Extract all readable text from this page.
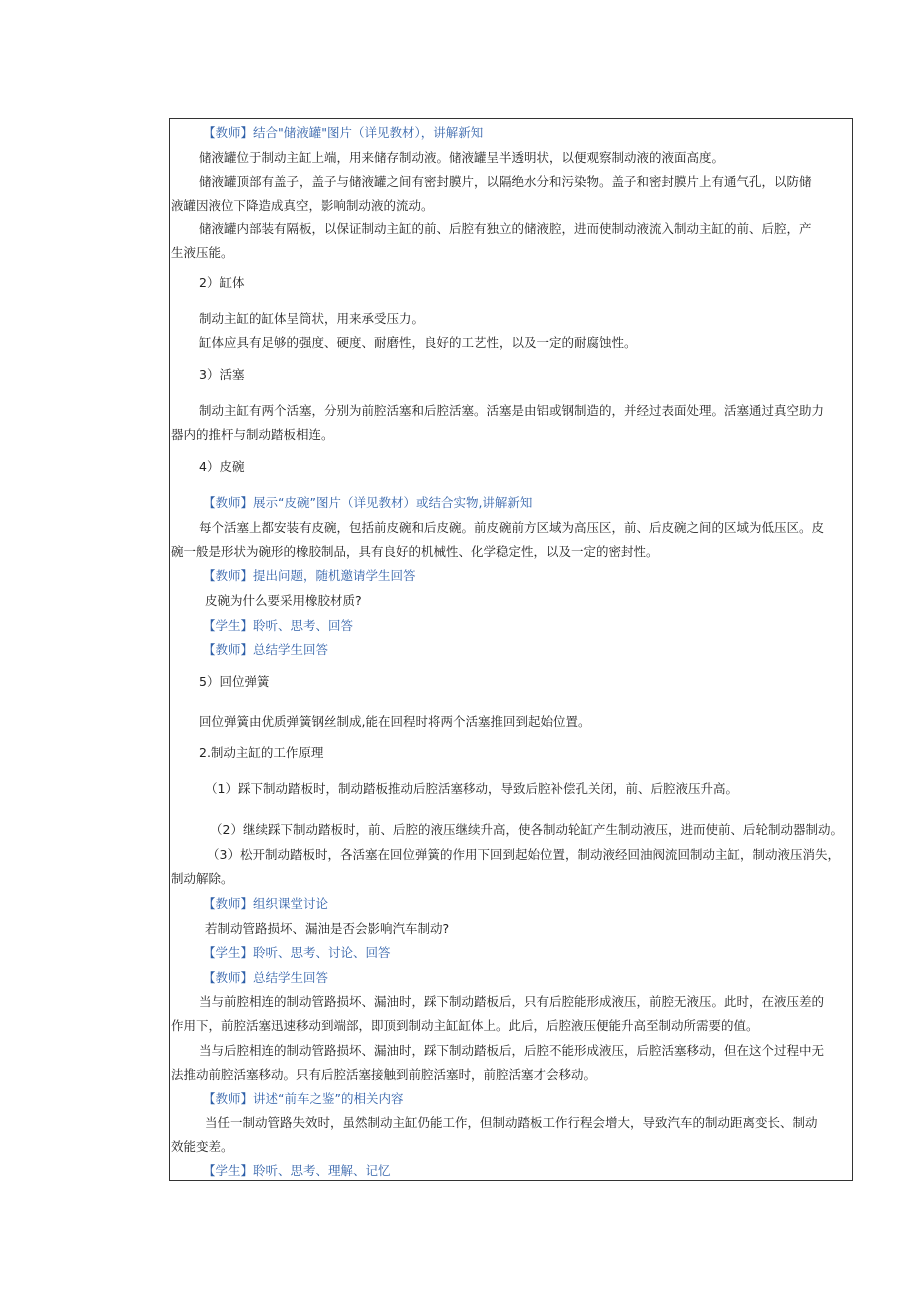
【教师】结合"储液罐"图片（详见教材），讲解新知
储液罐位于制动主缸上端，用来储存制动液。储液罐呈半透明状，以便观察制动液的液面高度。
储液罐顶部有盖子，盖子与储液罐之间有密封膜片，以隔绝水分和污染物。盖子和密封膜片上有通气孔，以防储
液罐因液位下降造成真空，影响制动液的流动。
储液罐内部装有隔板，以保证制动主缸的前、后腔有独立的储液腔，进而使制动液流入制动主缸的前、后腔，产
生液压能。
2）缸体
制动主缸的缸体呈筒状，用来承受压力。
缸体应具有足够的强度、硬度、耐磨性，良好的工艺性，以及一定的耐腐蚀性。
3）活塞
制动主缸有两个活塞，分别为前腔活塞和后腔活塞。活塞是由铝或钢制造的，并经过表面处理。活塞通过真空助力
器内的推杆与制动踏板相连。
4）皮碗
【教师】展示“皮碗”图片（详见教材）或结合实物,讲解新知
每个活塞上都安装有皮碗，包括前皮碗和后皮碗。前皮碗前方区域为高压区，前、后皮碗之间的区域为低压区。皮
碗一般是形状为碗形的橡胶制品，具有良好的机械性、化学稳定性，以及一定的密封性。
【教师】提出问题，随机邀请学生回答
皮碗为什么要采用橡胶材质?
【学生】聆听、思考、回答
【教师】总结学生回答
5）回位弹簧
回位弹簧由优质弹簧钢丝制成,能在回程时将两个活塞推回到起始位置。
2.制动主缸的工作原理
（1）踩下制动踏板时，制动踏板推动后腔活塞移动，导致后腔补偿孔关闭，前、后腔液压升高。
（2）继续踩下制动踏板时，前、后腔的液压继续升高，使各制动轮缸产生制动液压，进而使前、后轮制动器制动。
（3）松开制动踏板时，各活塞在回位弹簧的作用下回到起始位置，制动液经回油阀流回制动主缸，制动液压消失，
制动解除。
【教师】组织课堂讨论
若制动管路损坏、漏油是否会影响汽车制动?
【学生】聆听、思考、讨论、回答
【教师】总结学生回答
当与前腔相连的制动管路损坏、漏油时，踩下制动踏板后，只有后腔能形成液压，前腔无液压。此时，在液压差的
作用下，前腔活塞迅速移动到端部，即顶到制动主缸缸体上。此后，后腔液压便能升高至制动所需要的值。
当与后腔相连的制动管路损坏、漏油时，踩下制动踏板后，后腔不能形成液压，后腔活塞移动，但在这个过程中无
法推动前腔活塞移动。只有后腔活塞接触到前腔活塞时，前腔活塞才会移动。
【教师】讲述“前车之鉴”的相关内容
当任一制动管路失效时，虽然制动主缸仍能工作，但制动踏板工作行程会增大，导致汽车的制动距离变长、制动
效能变差。
【学生】聆听、思考、理解、记忆
